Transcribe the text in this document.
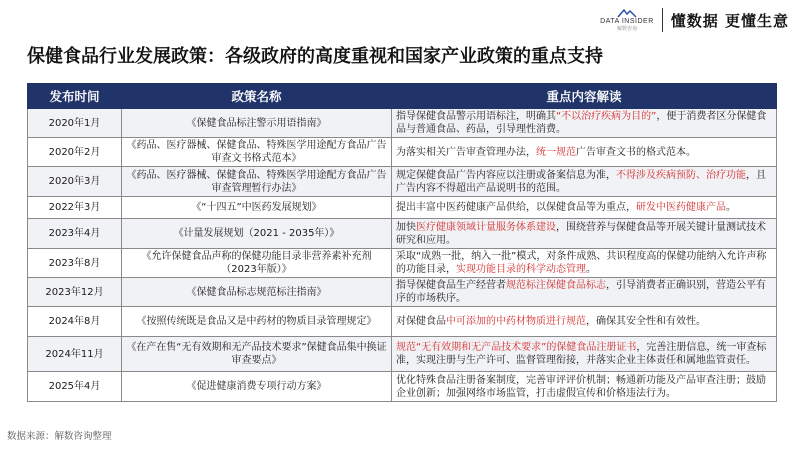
DATA INSIDER
解数咨询 懂数据 更懂生意
保健食品行业发展政策：各级政府的高度重视和国家产业政策的重点支持
发布时间	政策名称	重点内容解读
2020年1月	《保健食品标注警示用语指南》	指导保健食品警示用语标注，明确其“不以治疗疾病为目的”，便于消费者区分保健食品与普通食品、药品，引导理性消费。
2020年2月	《药品、医疗器械、保健食品、特殊医学用途配方食品广告审查文书格式范本》	为落实相关广告审查管理办法，统一规范广告审查文书的格式范本。
2020年3月	《药品、医疗器械、保健食品、特殊医学用途配方食品广告审查管理暂行办法》	规定保健食品广告内容应以注册或备案信息为准，不得涉及疾病预防、治疗功能，且广告内容不得超出产品说明书的范围。
2022年3月	《“十四五”中医药发展规划》	提出丰富中医药健康产品供给，以保健食品等为重点，研发中医药健康产品。
2023年4月	《计量发展规划（2021 - 2035年）》	加快医疗健康领域计量服务体系建设，围绕营养与保健食品等开展关键计量测试技术研究和应用。
2023年8月	《允许保健食品声称的保健功能目录非营养素补充剂（2023年版）》	采取“成熟一批，纳入一批”模式，对条件成熟、共识程度高的保健功能纳入允许声称的功能目录，实现功能目录的科学动态管理。
2023年12月	《保健食品标志规范标注指南》	指导保健食品生产经营者规范标注保健食品标志，引导消费者正确识别，营造公平有序的市场秩序。
2024年8月	《按照传统既是食品又是中药材的物质目录管理规定》	对保健食品中可添加的中药材物质进行规范，确保其安全性和有效性。
2024年11月	《在产在售“无有效期和无产品技术要求”保健食品集中换证审查要点》	规范“无有效期和无产品技术要求”的保健食品注册证书，完善注册信息，统一审查标准，实现注册与生产许可、监督管理衔接，并落实企业主体责任和属地监管责任。
2025年4月	《促进健康消费专项行动方案》	优化特殊食品注册备案制度，完善审评评价机制；畅通新功能及产品审查注册；鼓励企业创新；加强网络市场监管，打击虚假宣传和价格违法行为。
数据来源：解数咨询整理
